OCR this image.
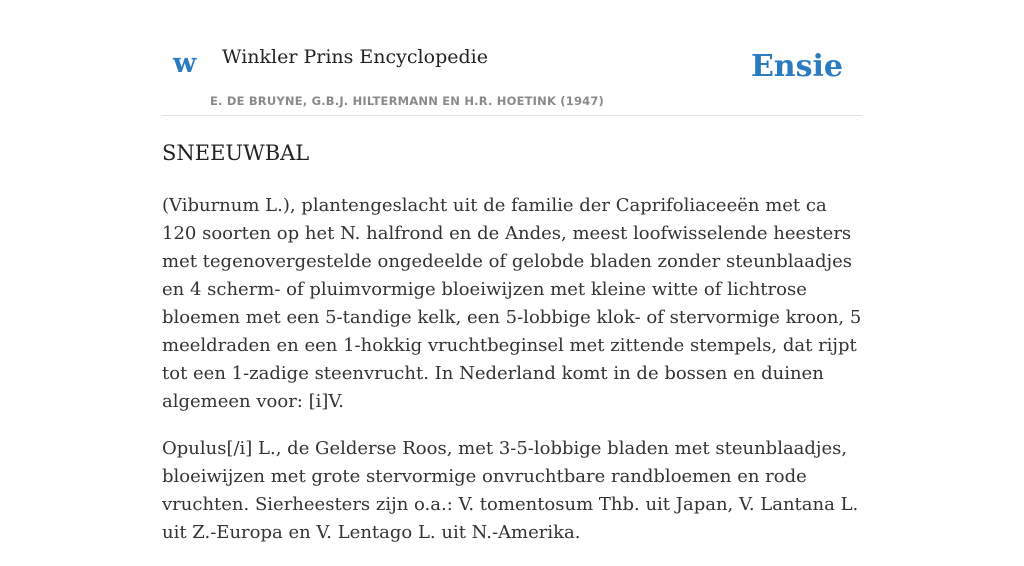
w Winkler Prins Encyclopedie	Ensie
E. DE BRUYNE, G.B.J. HILTERMANN EN H.R. HOETINK (1947)
SNEEUWBAL

(Viburnum L.), plantengeslacht uit de familie der Caprifoliaceeën met ca 120 soorten op het N. halfrond en de Andes, meest loofwisselende heesters met tegenovergestelde ongedeelde of gelobde bladen zonder steunblaadjes en 4 scherm- of pluimvormige bloeiwijzen met kleine witte of lichtrose bloemen met een 5-tandige kelk, een 5-lobbige klok- of stervormige kroon, 5 meeldraden en een 1-hokkig vruchtbeginsel met zittende stempels, dat rijpt tot een 1-zadige steenvrucht. In Nederland komt in de bossen en duinen algemeen voor: [i]V.

Opulus[/i] L., de Gelderse Roos, met 3-5-lobbige bladen met steunblaadjes, bloeiwijzen met grote stervormige onvruchtbare randbloemen en rode vruchten. Sierheesters zijn o.a.: V. tomentosum Thb. uit Japan, V. Lantana L. uit Z.-Europa en V. Lentago L. uit N.-Amerika.
